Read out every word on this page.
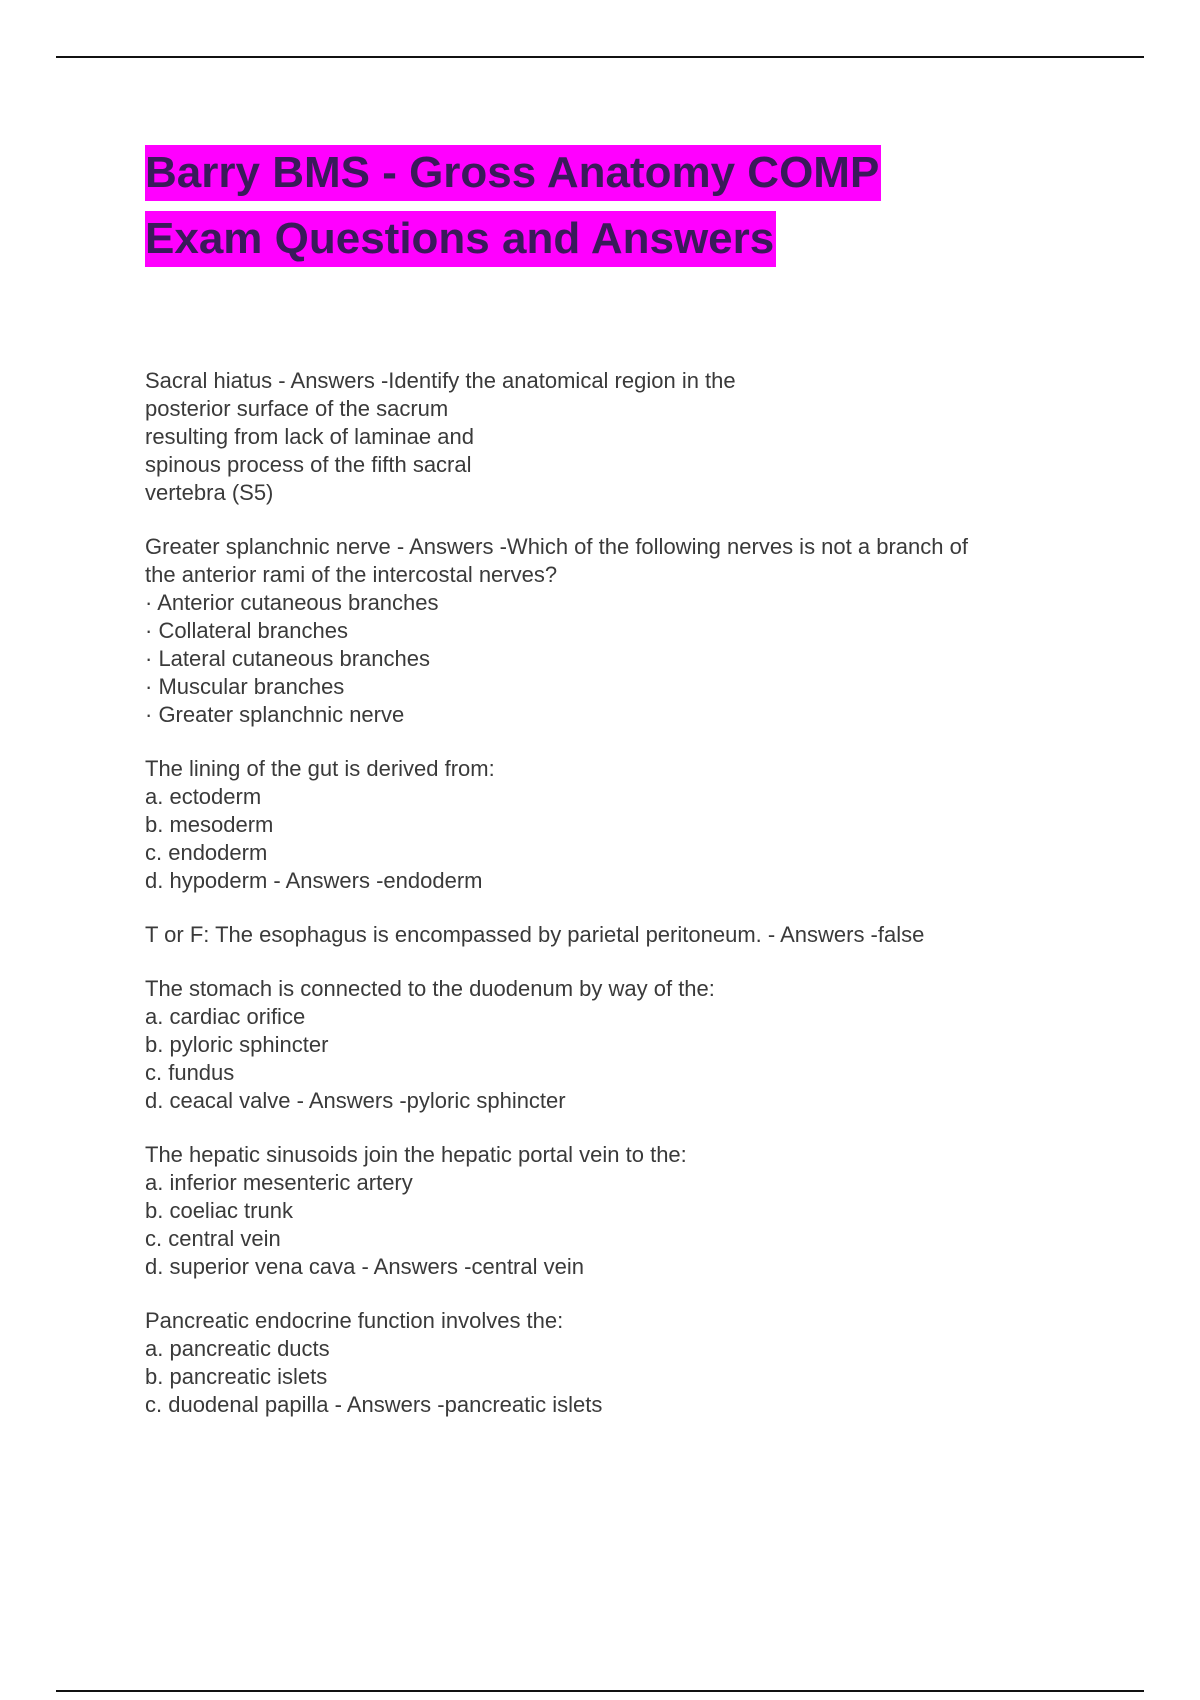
Barry BMS - Gross Anatomy COMP
Exam Questions and Answers
Sacral hiatus - Answers -Identify the anatomical region in the
posterior surface of the sacrum
resulting from lack of laminae and
spinous process of the fifth sacral
vertebra (S5)
Greater splanchnic nerve - Answers -Which of the following nerves is not a branch of
the anterior rami of the intercostal nerves?
· Anterior cutaneous branches
· Collateral branches
· Lateral cutaneous branches
· Muscular branches
· Greater splanchnic nerve
The lining of the gut is derived from:
a. ectoderm
b. mesoderm
c. endoderm
d. hypoderm - Answers -endoderm
T or F: The esophagus is encompassed by parietal peritoneum. - Answers -false
The stomach is connected to the duodenum by way of the:
a. cardiac orifice
b. pyloric sphincter
c. fundus
d. ceacal valve - Answers -pyloric sphincter
The hepatic sinusoids join the hepatic portal vein to the:
a. inferior mesenteric artery
b. coeliac trunk
c. central vein
d. superior vena cava - Answers -central vein
Pancreatic endocrine function involves the:
a. pancreatic ducts
b. pancreatic islets
c. duodenal papilla - Answers -pancreatic islets
